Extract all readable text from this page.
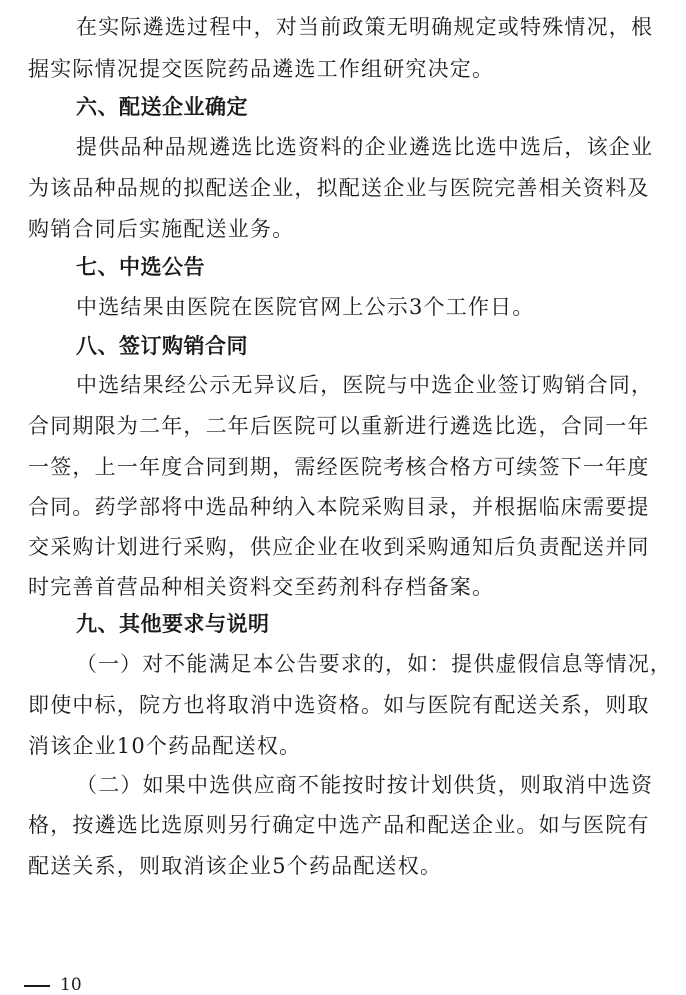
在实际遴选过程中，对当前政策无明确规定或特殊情况，根
据实际情况提交医院药品遴选工作组研究决定。
六、配送企业确定
提供品种品规遴选比选资料的企业遴选比选中选后，该企业
为该品种品规的拟配送企业，拟配送企业与医院完善相关资料及
购销合同后实施配送业务。
七、中选公告
中选结果由医院在医院官网上公示3个工作日。
八、签订购销合同
中选结果经公示无异议后，医院与中选企业签订购销合同，
合同期限为二年，二年后医院可以重新进行遴选比选，合同一年
一签，上一年度合同到期，需经医院考核合格方可续签下一年度
合同。药学部将中选品种纳入本院采购目录，并根据临床需要提
交采购计划进行采购，供应企业在收到采购通知后负责配送并同
时完善首营品种相关资料交至药剂科存档备案。
九、其他要求与说明
（一）对不能满足本公告要求的，如：提供虚假信息等情况，
即使中标，院方也将取消中选资格。如与医院有配送关系，则取
消该企业10个药品配送权。
（二）如果中选供应商不能按时按计划供货，则取消中选资
格，按遴选比选原则另行确定中选产品和配送企业。如与医院有
配送关系，则取消该企业5个药品配送权。
10
